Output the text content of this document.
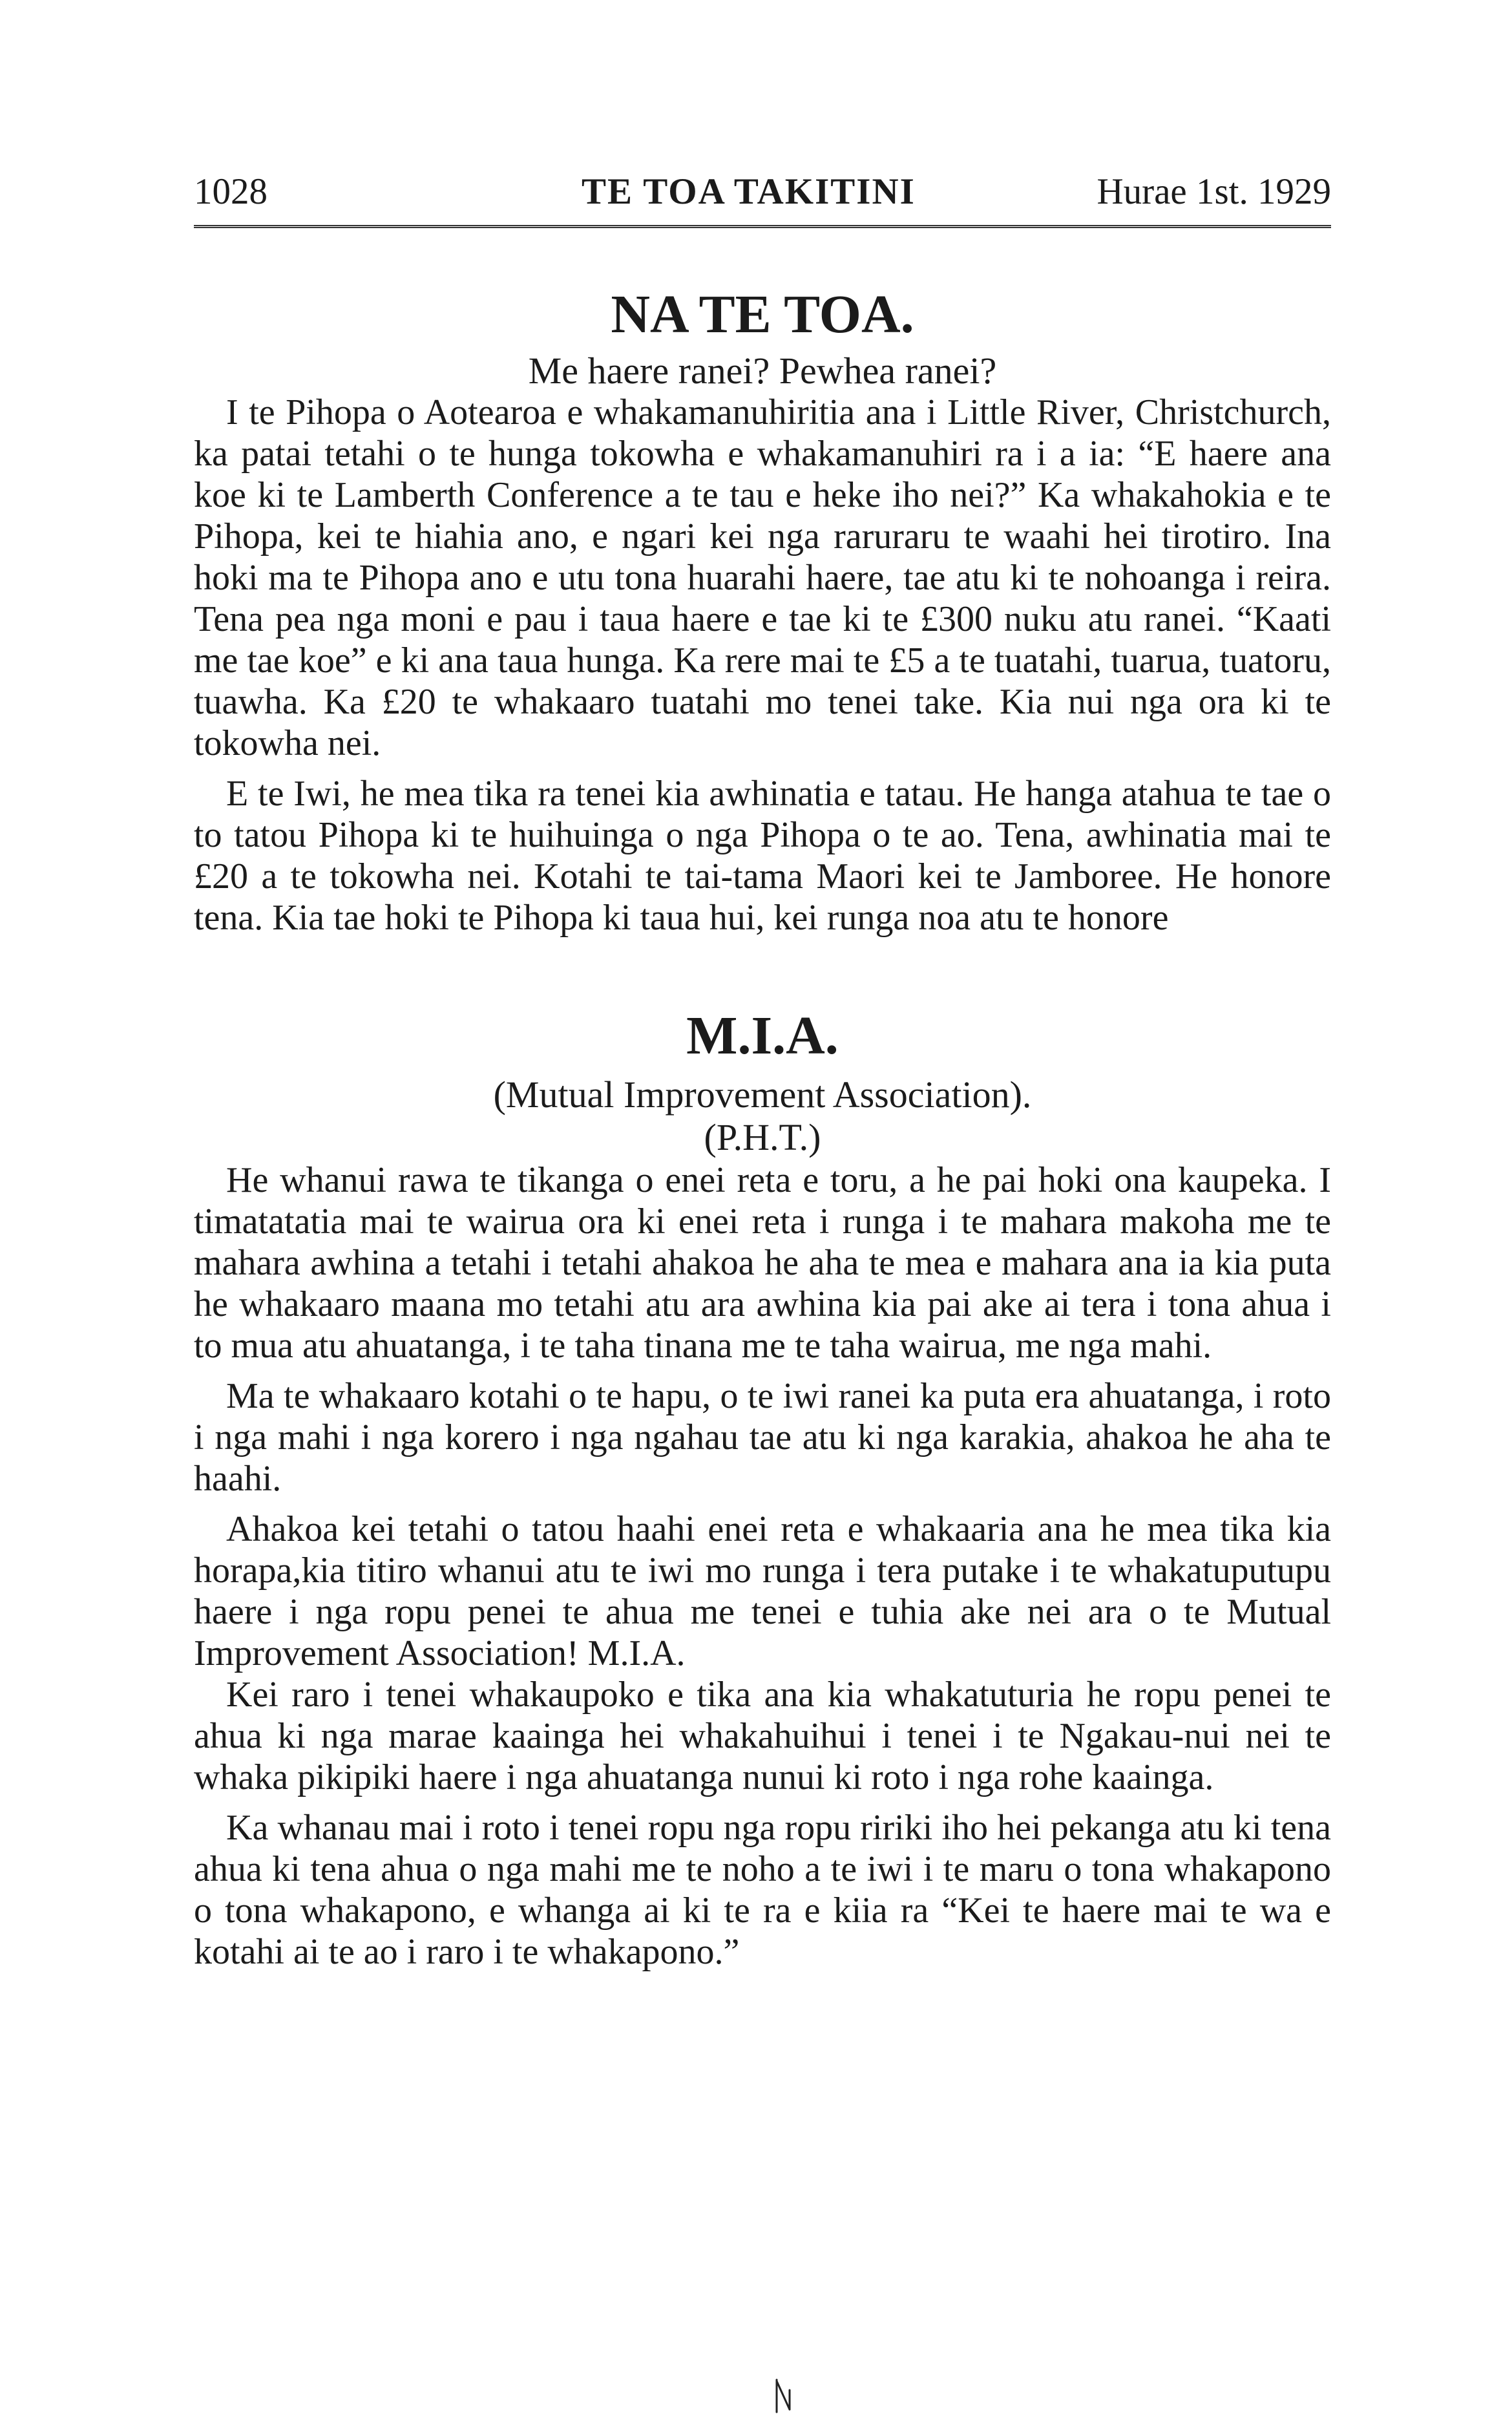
1028	TE TOA TAKITINI	Hurae 1st. 1929

NA TE TOA.

Me haere ranei? Pewhea ranei?

I te Pihopa o Aotearoa e whakamanuhiritia ana i Little River, Christchurch, ka patai tetahi o te hunga tokowha e whakamanuhiri ra i a ia: “E haere ana koe ki te Lamberth Conference a te tau e heke iho nei?” Ka whakahokia e te Pihopa, kei te hiahia ano, e ngari kei nga raruraru te waahi hei tirotiro. Ina hoki ma te Pihopa ano e utu tona huarahi haere, tae atu ki te nohoanga i reira. Tena pea nga moni e pau i taua haere e tae ki te £300 nuku atu ranei. “Kaati me tae koe” e ki ana taua hunga. Ka rere mai te £5 a te tuatahi, tuarua, tuatoru, tuawha. Ka £20 te whakaaro tuatahi mo tenei take. Kia nui nga ora ki te tokowha nei.

E te Iwi, he mea tika ra tenei kia awhinatia e tatau. He hanga atahua te tae o to tatou Pihopa ki te huihuinga o nga Pihopa o te ao. Tena, awhinatia mai te £20 a te tokowha nei. Kotahi te tai-tama Maori kei te Jamboree. He honore tena. Kia tae hoki te Pihopa ki taua hui, kei runga noa atu te honore

M.I.A.

(Mutual Improvement Association).

(P.H.T.)

He whanui rawa te tikanga o enei reta e toru, a he pai hoki ona kaupeka. I timatatatia mai te wairua ora ki enei reta i runga i te mahara makoha me te mahara awhina a tetahi i tetahi ahakoa he aha te mea e mahara ana ia kia puta he whakaaro maana mo tetahi atu ara awhina kia pai ake ai tera i tona ahua i to mua atu ahuatanga, i te taha tinana me te taha wairua, me nga mahi.

Ma te whakaaro kotahi o te hapu, o te iwi ranei ka puta era ahuatanga, i roto i nga mahi i nga korero i nga ngahau tae atu ki nga karakia, ahakoa he aha te haahi.

Ahakoa kei tetahi o tatou haahi enei reta e whakaaria ana he mea tika kia horapa,kia titiro whanui atu te iwi mo runga i tera putake i te whakatuputupu haere i nga ropu penei te ahua me tenei e tuhia ake nei ara o te Mutual Improvement Association! M.I.A.

Kei raro i tenei whakaupoko e tika ana kia whakatuturia he ropu penei te ahua ki nga marae kaainga hei whakahuihui i tenei i te Ngakau-nui nei te whaka pikipiki haere i nga ahuatanga nunui ki roto i nga rohe kaainga.

Ka whanau mai i roto i tenei ropu nga ropu ririki iho hei pekanga atu ki tena ahua ki tena ahua o nga mahi me te noho a te iwi i te maru o tona whakapono o tona whakapono, e whanga ai ki te ra e kiia ra “Kei te haere mai te wa e kotahi ai te ao i raro i te whakapono.”
